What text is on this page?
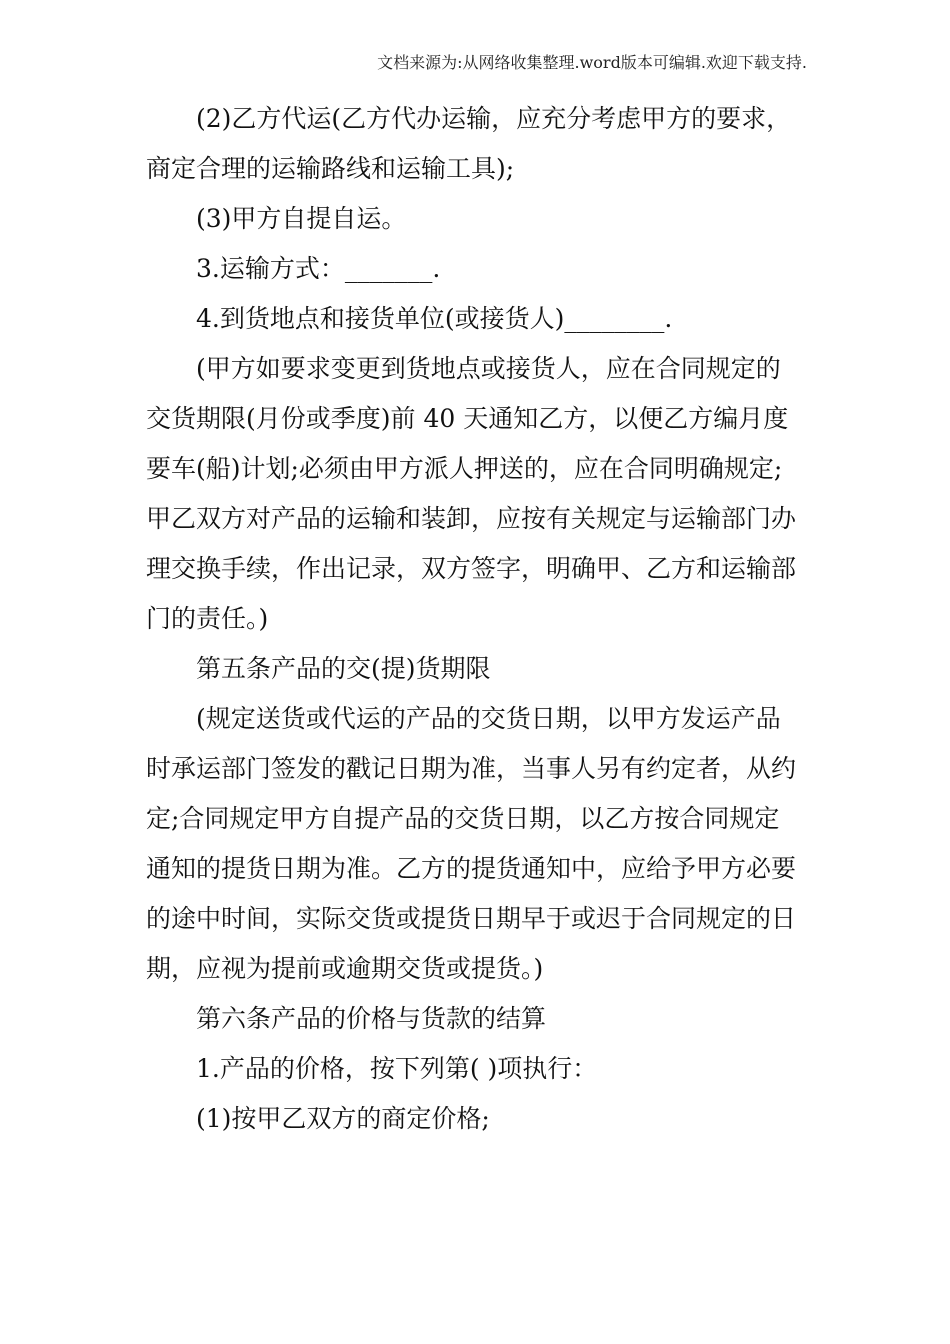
文档来源为:从网络收集整理.word版本可编辑.欢迎下载支持.
(2)乙方代运(乙方代办运输，应充分考虑甲方的要求，
商定合理的运输路线和运输工具);
(3)甲方自提自运。
3.运输方式：_______.
4.到货地点和接货单位(或接货人)________.
(甲方如要求变更到货地点或接货人，应在合同规定的
交货期限(月份或季度)前 40 天通知乙方，以便乙方编月度
要车(船)计划;必须由甲方派人押送的，应在合同明确规定;
甲乙双方对产品的运输和装卸，应按有关规定与运输部门办
理交换手续，作出记录，双方签字，明确甲、乙方和运输部
门的责任。)
第五条产品的交(提)货期限
(规定送货或代运的产品的交货日期，以甲方发运产品
时承运部门签发的戳记日期为准，当事人另有约定者，从约
定;合同规定甲方自提产品的交货日期，以乙方按合同规定
通知的提货日期为准。乙方的提货通知中，应给予甲方必要
的途中时间，实际交货或提货日期早于或迟于合同规定的日
期，应视为提前或逾期交货或提货。)
第六条产品的价格与货款的结算
1.产品的价格，按下列第( )项执行：
(1)按甲乙双方的商定价格;
